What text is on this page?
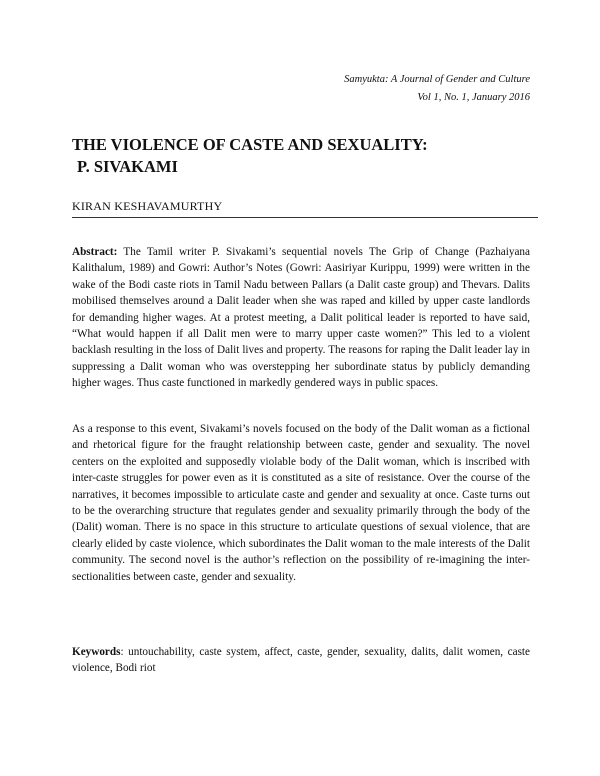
Samyukta: A Journal of Gender and Culture
Vol 1, No. 1, January 2016
THE VIOLENCE OF CASTE AND SEXUALITY:
P. SIVAKAMI
KIRAN KESHAVAMURTHY

Abstract: The Tamil writer P. Sivakami’s sequential novels The Grip of Change (Pazhaiyana Kalithalum, 1989) and Gowri: Author’s Notes (Gowri: Aasiriyar Kurippu, 1999) were written in the wake of the Bodi caste riots in Tamil Nadu between Pallars (a Dalit caste group) and Thevars. Dalits mobilised themselves around a Dalit leader when she was raped and killed by upper caste landlords for demanding higher wages. At a protest meeting, a Dalit political leader is reported to have said, “What would happen if all Dalit men were to marry upper caste women?” This led to a violent backlash resulting in the loss of Dalit lives and property. The reasons for raping the Dalit leader lay in suppressing a Dalit woman who was overstepping her subordinate status by publicly demanding higher wages. Thus caste functioned in markedly gendered ways in public spaces.

As a response to this event, Sivakami’s novels focused on the body of the Dalit woman as a fictional and rhetorical figure for the fraught relationship between caste, gender and sexuality. The novel centers on the exploited and supposedly violable body of the Dalit woman, which is inscribed with inter-caste struggles for power even as it is constituted as a site of resistance. Over the course of the narratives, it becomes impossible to articulate caste and gender and sexuality at once. Caste turns out to be the overarching structure that regulates gender and sexuality primarily through the body of the (Dalit) woman. There is no space in this structure to articulate questions of sexual violence, that are clearly elided by caste violence, which subordinates the Dalit woman to the male interests of the Dalit community. The second novel is the author’s reflection on the possibility of re-imagining the inter-sectionalities between caste, gender and sexuality.

Keywords: untouchability, caste system, affect, caste, gender, sexuality, dalits, dalit women, caste violence, Bodi riot
